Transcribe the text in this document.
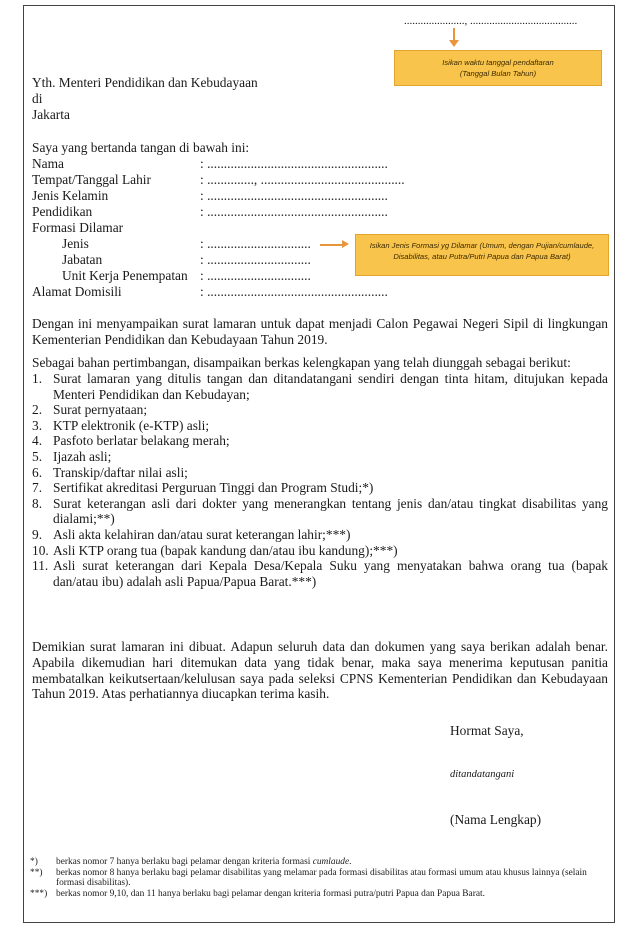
......................, .......................................
Isikan waktu tanggal pendaftaran
(Tanggal Bulan Tahun)
Yth. Menteri Pendidikan dan Kebudayaan
di
Jakarta
Saya yang bertanda tangan di bawah ini:
Nama	: ......................................................
Tempat/Tanggal Lahir	: .............., ...........................................
Jenis Kelamin	: ......................................................
Pendidikan	: ......................................................
Formasi Dilamar
Jenis	: ...............................
Jabatan	: ...............................
Unit Kerja Penempatan : ...............................
Alamat Domisili	: ......................................................
Isikan Jenis Formasi yg Dilamar (Umum, dengan Pujian/cumlaude, Disabilitas, atau Putra/Putri Papua dan Papua Barat)
Dengan ini menyampaikan surat lamaran untuk dapat menjadi Calon Pegawai Negeri Sipil di lingkungan Kementerian Pendidikan dan Kebudayaan Tahun 2019.
Sebagai bahan pertimbangan, disampaikan berkas kelengkapan yang telah diunggah sebagai berikut:
1. Surat lamaran yang ditulis tangan dan ditandatangani sendiri dengan tinta hitam, ditujukan kepada Menteri Pendidikan dan Kebudayan;
2. Surat pernyataan;
3. KTP elektronik (e-KTP) asli;
4. Pasfoto berlatar belakang merah;
5. Ijazah asli;
6. Transkip/daftar nilai asli;
7. Sertifikat akreditasi Perguruan Tinggi dan Program Studi;*)
8. Surat keterangan asli dari dokter yang menerangkan tentang jenis dan/atau tingkat disabilitas yang dialami;**)
9. Asli akta kelahiran dan/atau surat keterangan lahir;***)
10. Asli KTP orang tua (bapak kandung dan/atau ibu kandung);***)
11. Asli surat keterangan dari Kepala Desa/Kepala Suku yang menyatakan bahwa orang tua (bapak dan/atau ibu) adalah asli Papua/Papua Barat.***)
Demikian surat lamaran ini dibuat. Adapun seluruh data dan dokumen yang saya berikan adalah benar. Apabila dikemudian hari ditemukan data yang tidak benar, maka saya menerima keputusan panitia membatalkan keikutsertaan/kelulusan saya pada seleksi CPNS Kementerian Pendidikan dan Kebudayaan Tahun 2019. Atas perhatiannya diucapkan terima kasih.
Hormat Saya,
ditandatangani
(Nama Lengkap)
*) berkas nomor 7 hanya berlaku bagi pelamar dengan kriteria formasi cumlaude.
**) berkas nomor 8 hanya berlaku bagi pelamar disabilitas yang melamar pada formasi disabilitas atau formasi umum atau khusus lainnya (selain formasi disabilitas).
***) berkas nomor 9,10, dan 11 hanya berlaku bagi pelamar dengan kriteria formasi putra/putri Papua dan Papua Barat.
